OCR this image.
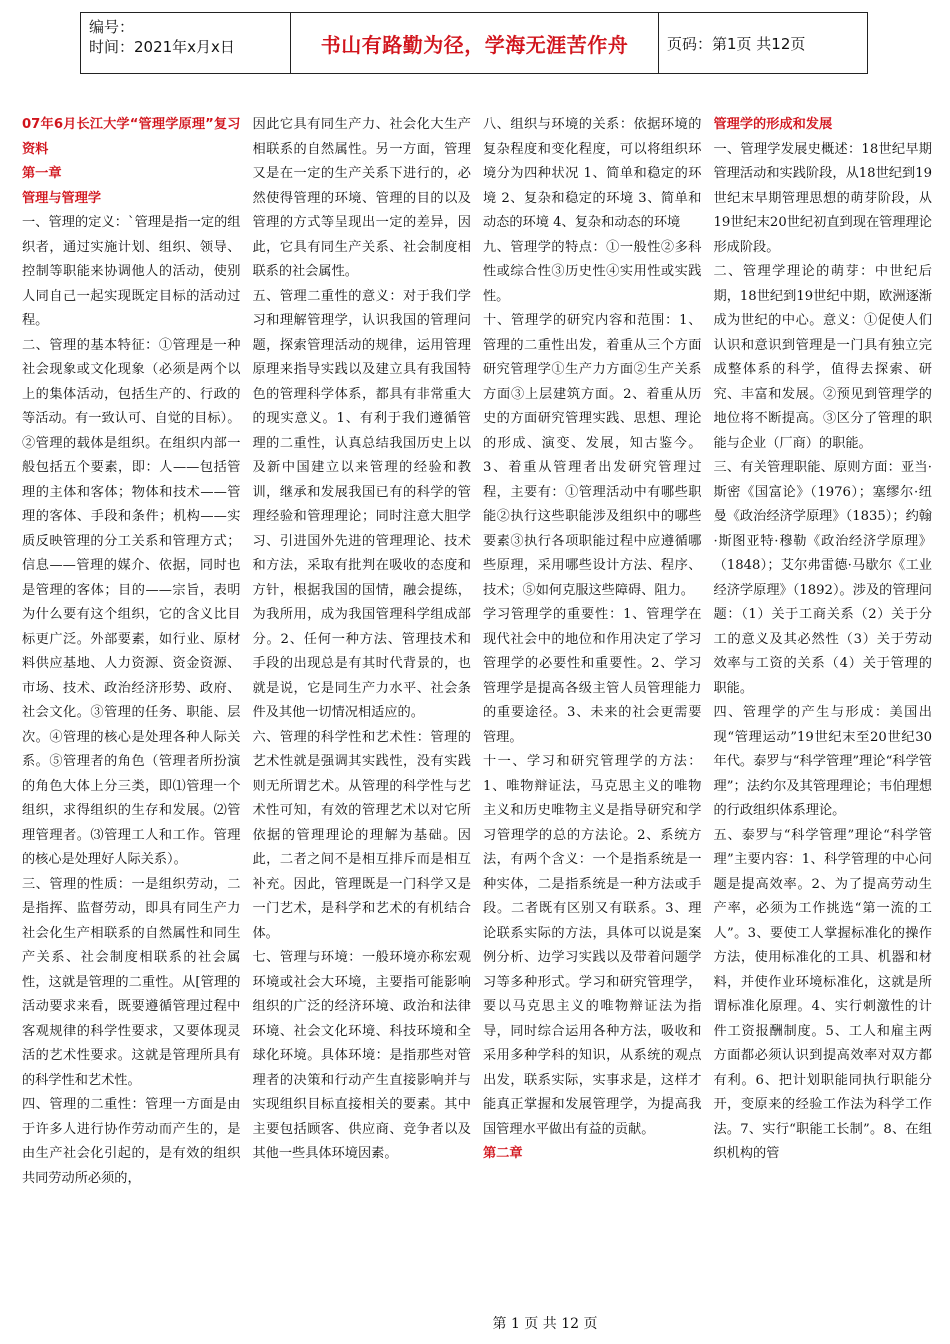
编号：
时间：2021年x月x日	书山有路勤为径，学海无涯苦作舟	页码：第1页 共12页

07年6月长江大学“管理学原理”复习资料

第一章

管理与管理学

一、管理的定义：`管理是指一定的组织者，通过实施计划、组织、领导、控制等职能来协调他人的活动，使别人同自己一起实现既定目标的活动过程。

二、管理的基本特征：①管理是一种社会现象或文化现象（必须是两个以上的集体活动，包括生产的、行政的等活动。有一致认可、自觉的目标）。②管理的载体是组织。在组织内部一般包括五个要素，即：人——包括管理的主体和客体；物体和技术——管理的客体、手段和条件；机构——实质反映管理的分工关系和管理方式；信息——管理的媒介、依据，同时也是管理的客体；目的——宗旨，表明为什么要有这个组织，它的含义比目标更广泛。外部要素，如行业、原材料供应基地、人力资源、资金资源、市场、技术、政治经济形势、政府、社会文化。③管理的任务、职能、层次。④管理的核心是处理各种人际关系。⑤管理者的角色（管理者所扮演的角色大体上分三类，即⑴管理一个组织，求得组织的生存和发展。⑵管理管理者。⑶管理工人和工作。管理的核心是处理好人际关系）。

三、管理的性质：一是组织劳动，二是指挥、监督劳动，即具有同生产力社会化生产相联系的自然属性和同生产关系、社会制度相联系的社会属性，这就是管理的二重性。从[管理的活动要求来看，既要遵循管理过程中客观规律的科学性要求，又要体现灵活的艺术性要求。这就是管理所具有的科学性和艺术性。

四、管理的二重性：管理一方面是由于许多人进行协作劳动而产生的，是由生产社会化引起的，是有效的组织共同劳动所必须的，

因此它具有同生产力、社会化大生产相联系的自然属性。另一方面，管理又是在一定的生产关系下进行的，必然使得管理的环境、管理的目的以及管理的方式等呈现出一定的差异，因此，它具有同生产关系、社会制度相联系的社会属性。

五、管理二重性的意义：对于我们学习和理解管理学，认识我国的管理问题，探索管理活动的规律，运用管理原理来指导实践以及建立具有我国特色的管理科学体系，都具有非常重大的现实意义。1、有利于我们遵循管理的二重性，认真总结我国历史上以及新中国建立以来管理的经验和教训，继承和发展我国已有的科学的管理经验和管理理论；同时注意大胆学习、引进国外先进的管理理论、技术和方法，采取有批判在吸收的态度和方针，根据我国的国情，融会提练，为我所用，成为我国管理科学组成部分。2、任何一种方法、管理技术和手段的出现总是有其时代背景的，也就是说，它是同生产力水平、社会条件及其他一切情况相适应的。

六、管理的科学性和艺术性：管理的艺术性就是强调其实践性，没有实践则无所谓艺术。从管理的科学性与艺术性可知，有效的管理艺术以对它所依据的管理理论的理解为基础。因此，二者之间不是相互排斥而是相互补充。因此，管理既是一门科学又是一门艺术，是科学和艺术的有机结合体。

七、管理与环境：一般环境亦称宏观环境或社会大环境，主要指可能影响组织的广泛的经济环境、政治和法律环境、社会文化环境、科技环境和全球化环境。具体环境：是指那些对管理者的决策和行动产生直接影响并与实现组织目标直接相关的要素。其中主要包括顾客、供应商、竞争者以及其他一些具体环境因素。

八、组织与环境的关系：依据环境的复杂程度和变化程度，可以将组织环境分为四种状况 1、简单和稳定的环境 2、复杂和稳定的环境 3、简单和动态的环境 4、复杂和动态的环境

九、管理学的特点：①一般性②多科性或综合性③历史性④实用性或实践性。

十、管理学的研究内容和范围：1、管理的二重性出发，着重从三个方面研究管理学①生产力方面②生产关系方面③上层建筑方面。2、着重从历史的方面研究管理实践、思想、理论的形成、演变、发展，知古鉴今。3、着重从管理者出发研究管理过程，主要有：①管理活动中有哪些职能②执行这些职能涉及组织中的哪些要素③执行各项职能过程中应遵循哪些原理，采用哪些设计方法、程序、技术；⑤如何克服这些障碍、阻力。

学习管理学的重要性：1、管理学在现代社会中的地位和作用决定了学习管理学的必要性和重要性。2、学习管理学是提高各级主管人员管理能力的重要途径。3、未来的社会更需要管理。

十一、学习和研究管理学的方法：1、唯物辩证法，马克思主义的唯物主义和历史唯物主义是指导研究和学习管理学的总的方法论。2、系统方法，有两个含义：一个是指系统是一种实体，二是指系统是一种方法或手段。二者既有区别又有联系。3、理论联系实际的方法，具体可以说是案例分析、边学习实践以及带着问题学习等多种形式。学习和研究管理学，要以马克思主义的唯物辩证法为指导，同时综合运用各种方法，吸收和采用多种学科的知识，从系统的观点出发，联系实际，实事求是，这样才能真正掌握和发展管理学，为提高我国管理水平做出有益的贡献。

第二章

管理学的形成和发展

一、管理学发展史概述：18世纪早期管理活动和实践阶段，从18世纪到19世纪末早期管理思想的萌芽阶段，从19世纪末20世纪初直到现在管理理论形成阶段。

二、管理学理论的萌芽：中世纪后期，18世纪到19世纪中期，欧洲逐渐成为世纪的中心。意义：①促使人们认识和意识到管理是一门具有独立完成整体系的科学，值得去探索、研究、丰富和发展。②预见到管理学的地位将不断提高。③区分了管理的职能与企业（厂商）的职能。

三、有关管理职能、原则方面：亚当·斯密《国富论》（1976）；塞缪尔·纽曼《政治经济学原理》（1835）；约翰·斯图亚特·穆勒《政治经济学原理》（1848）；艾尔弗雷德·马歇尔《工业经济学原理》（1892）。涉及的管理问题：（1）关于工商关系（2）关于分工的意义及其必然性（3）关于劳动效率与工资的关系（4）关于管理的职能。

四、管理学的产生与形成：美国出现“管理运动”19世纪末至20世纪30年代。泰罗与“科学管理”理论“科学管理”；法约尔及其管理理论；韦伯理想的行政组织体系理论。

五、泰罗与“科学管理”理论“科学管理”主要内容：1、科学管理的中心问题是提高效率。2、为了提高劳动生产率，必须为工作挑选“第一流的工人”。3、要使工人掌握标准化的操作方法，使用标准化的工具、机器和材料，并使作业环境标准化，这就是所谓标准化原理。4、实行刺激性的计件工资报酬制度。5、工人和雇主两方面都必须认识到提高效率对双方都有利。6、把计划职能同执行职能分开，变原来的经验工作法为科学工作法。7、实行“职能工长制”。8、在组织机构的管

第 1 页 共 12 页
